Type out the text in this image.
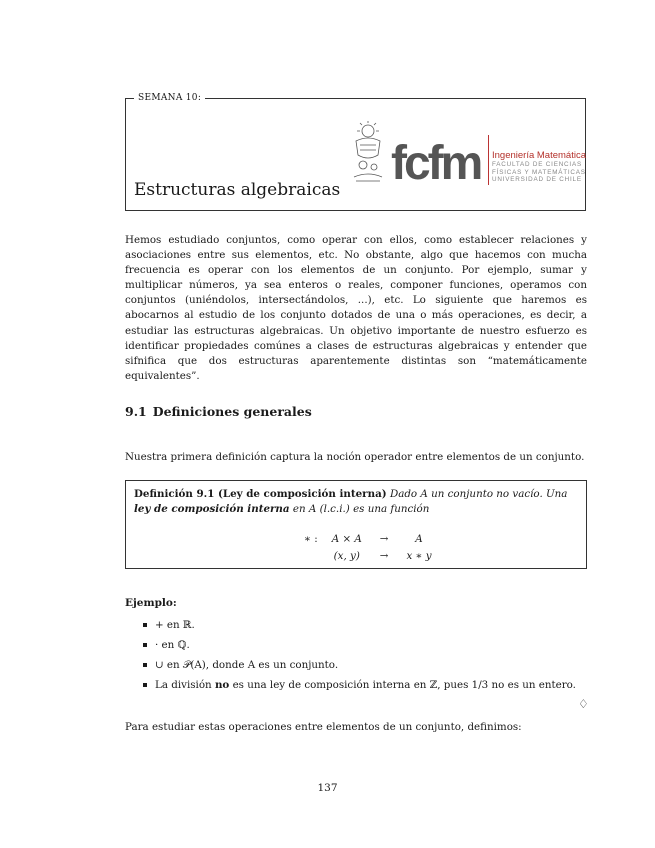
SEMANA 10:
Estructuras algebraicas fcfm Ingeniería Matemática
FACULTAD DE CIENCIAS
FÍSICAS Y MATEMÁTICAS
UNIVERSIDAD DE CHILE

Hemos estudiado conjuntos, como operar con ellos, como establecer relaciones y asociaciones entre sus elementos, etc. No obstante, algo que hacemos con mucha frecuencia es operar con los elementos de un conjunto. Por ejemplo, sumar y multiplicar números, ya sea enteros o reales, componer funciones, operamos con conjuntos (uniéndolos, intersectándolos, ...), etc. Lo siguiente que haremos es abocarnos al estudio de los conjunto dotados de una o más operaciones, es decir, a estudiar las estructuras algebraicas. Un objetivo importante de nuestro esfuerzo es identificar propiedades comúnes a clases de estructuras algebraicas y entender que sifnifica que dos estructuras aparentemente distintas son “matemáticamente equivalentes”.

9.1 Definiciones generales

Nuestra primera definición captura la noción operador entre elementos de un conjunto.

Definición 9.1 (Ley de composición interna) Dado A un conjunto no vacío. Una ley de composición interna en A (l.c.i.) es una función
∗ :	A × A	→	A
	(x, y)	→	x ∗ y
Ejemplo:
+ en ℝ.
· en ℚ.
∪ en 𝒫(A), donde A es un conjunto.
La división no es una ley de composición interna en ℤ, pues 1/3 no es un entero.
♢

Para estudiar estas operaciones entre elementos de un conjunto, definimos:

137
